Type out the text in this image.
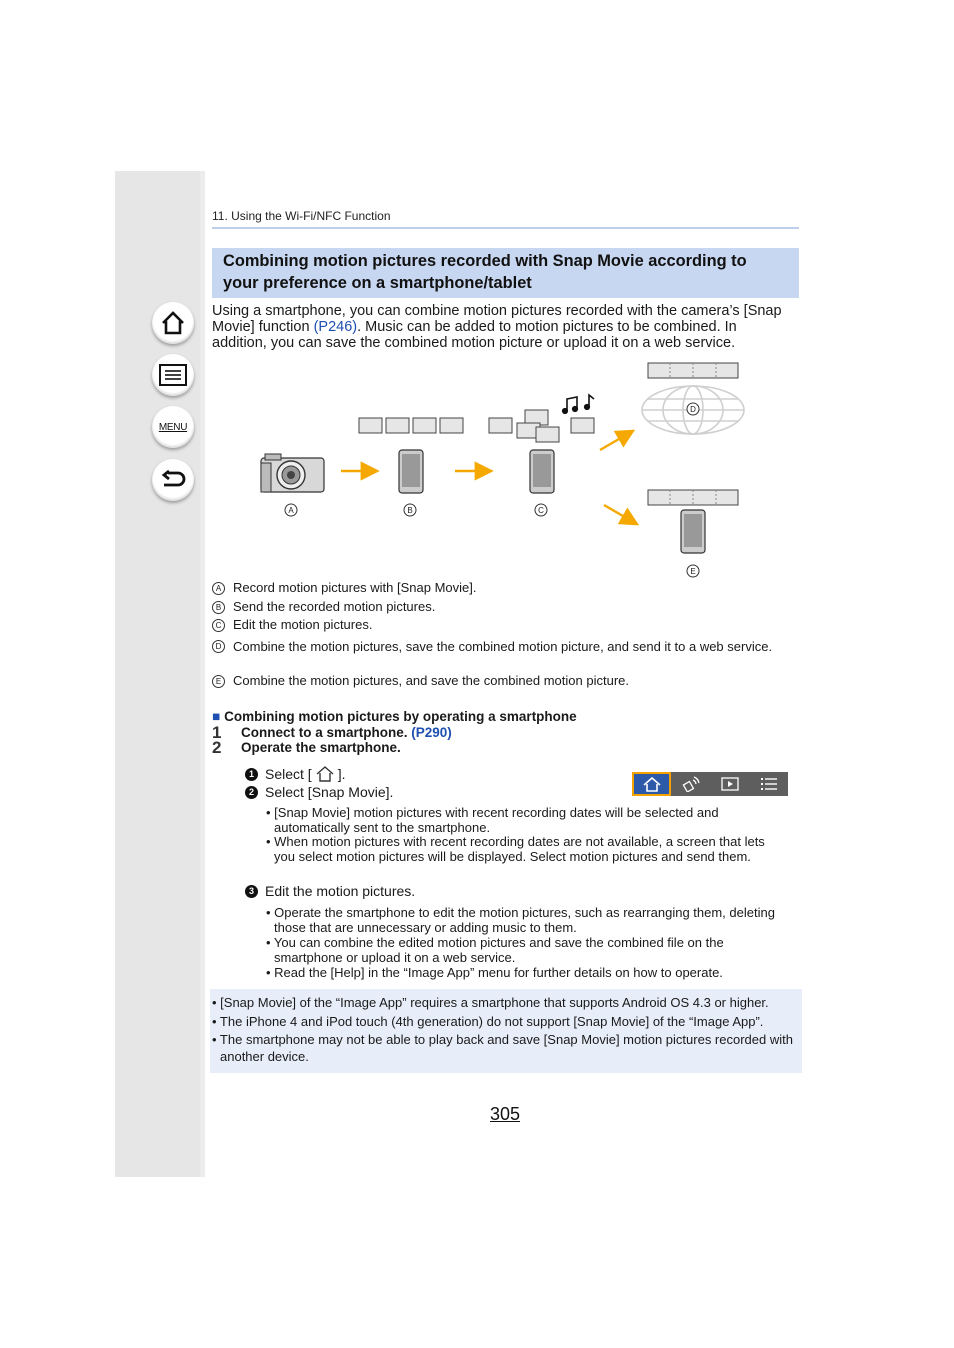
MENU
11. Using the Wi-Fi/NFC Function
Combining motion pictures recorded with Snap Movie according to
your preference on a smartphone/tablet
Using a smartphone, you can combine motion pictures recorded with the camera’s [Snap
Movie] function (P246). Music can be added to motion pictures to be combined. In
addition, you can save the combined motion picture or upload it on a web service.
A	B	C
D
E
A Record motion pictures with [Snap Movie].
B Send the recorded motion pictures.
C Edit the motion pictures.
D Combine the motion pictures, save the combined motion picture, and send it to a web service.
E Combine the motion pictures, and save the combined motion picture.
■ Combining motion pictures by operating a smartphone
1 Connect to a smartphone. (P290)
2 Operate the smartphone.
1 Select [ ].
2 Select [Snap Movie].
• [Snap Movie] motion pictures with recent recording dates will be selected and automatically sent to the smartphone.
• When motion pictures with recent recording dates are not available, a screen that lets you select motion pictures will be displayed. Select motion pictures and send them.
3 Edit the motion pictures.
• Operate the smartphone to edit the motion pictures, such as rearranging them, deleting those that are unnecessary or adding music to them.
• You can combine the edited motion pictures and save the combined file on the smartphone or upload it on a web service.
• Read the [Help] in the “Image App” menu for further details on how to operate.
• [Snap Movie] of the “Image App” requires a smartphone that supports Android OS 4.3 or higher.
• The iPhone 4 and iPod touch (4th generation) do not support [Snap Movie] of the “Image App”.
• The smartphone may not be able to play back and save [Snap Movie] motion pictures recorded with another device.
305
